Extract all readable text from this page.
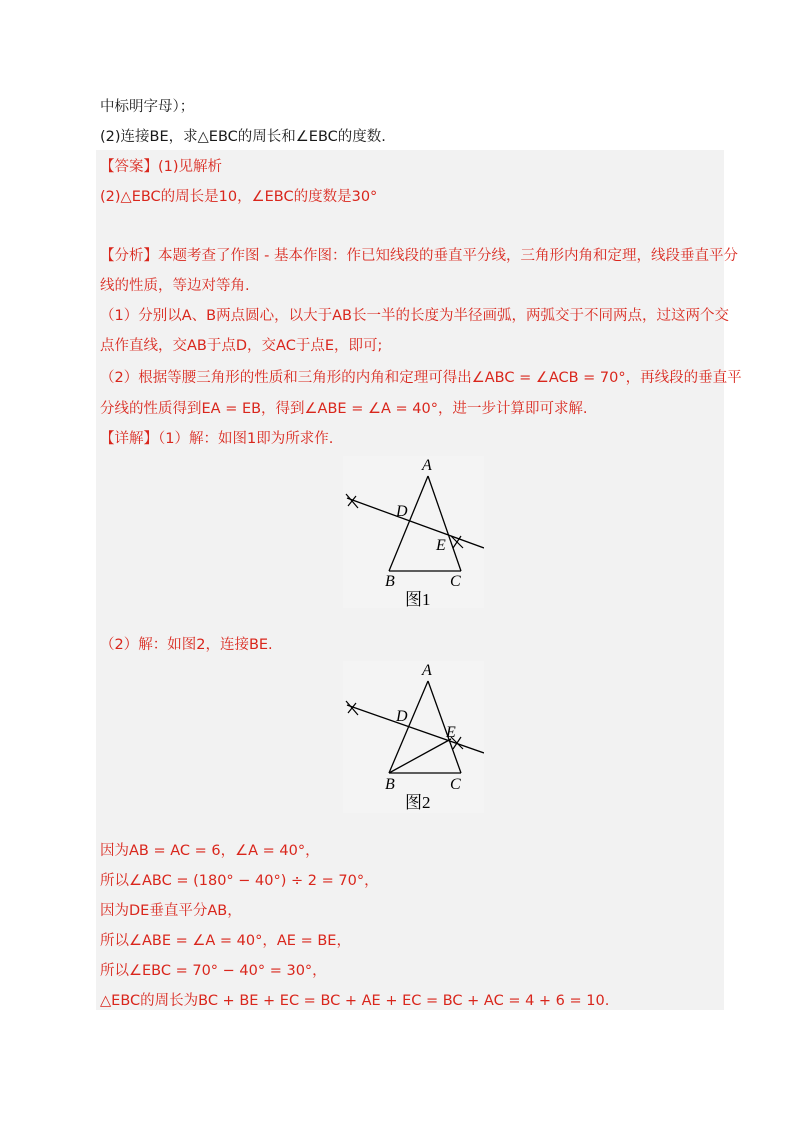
中标明字母）；
(2)连接BE，求△EBC的周长和∠EBC的度数.
【答案】(1)见解析
(2)△EBC的周长是10，∠EBC的度数是30°
【分析】本题考查了作图 - 基本作图：作已知线段的垂直平分线，三角形内角和定理，线段垂直平分
线的性质，等边对等角.
（1）分别以A、B两点圆心，以大于AB长一半的长度为半径画弧，两弧交于不同两点，过这两个交
点作直线，交AB于点D，交AC于点E，即可;
（2）根据等腰三角形的性质和三角形的内角和定理可得出∠ABC = ∠ACB = 70°，再线段的垂直平
分线的性质得到EA = EB，得到∠ABE = ∠A = 40°，进一步计算即可求解.
【详解】（1）解：如图1即为所求作.
（2）解：如图2，连接BE.
因为AB = AC = 6，∠A = 40°，
所以∠ABC = (180° − 40°) ÷ 2 = 70°，
因为DE垂直平分AB，
所以∠ABE = ∠A = 40°，AE = BE，
所以∠EBC = 70° − 40° = 30°，
△EBC的周长为BC + BE + EC = BC + AE + EC = BC + AC = 4 + 6 = 10.
A
D
E
B	C
图1
A
D
E
B	C
图2
